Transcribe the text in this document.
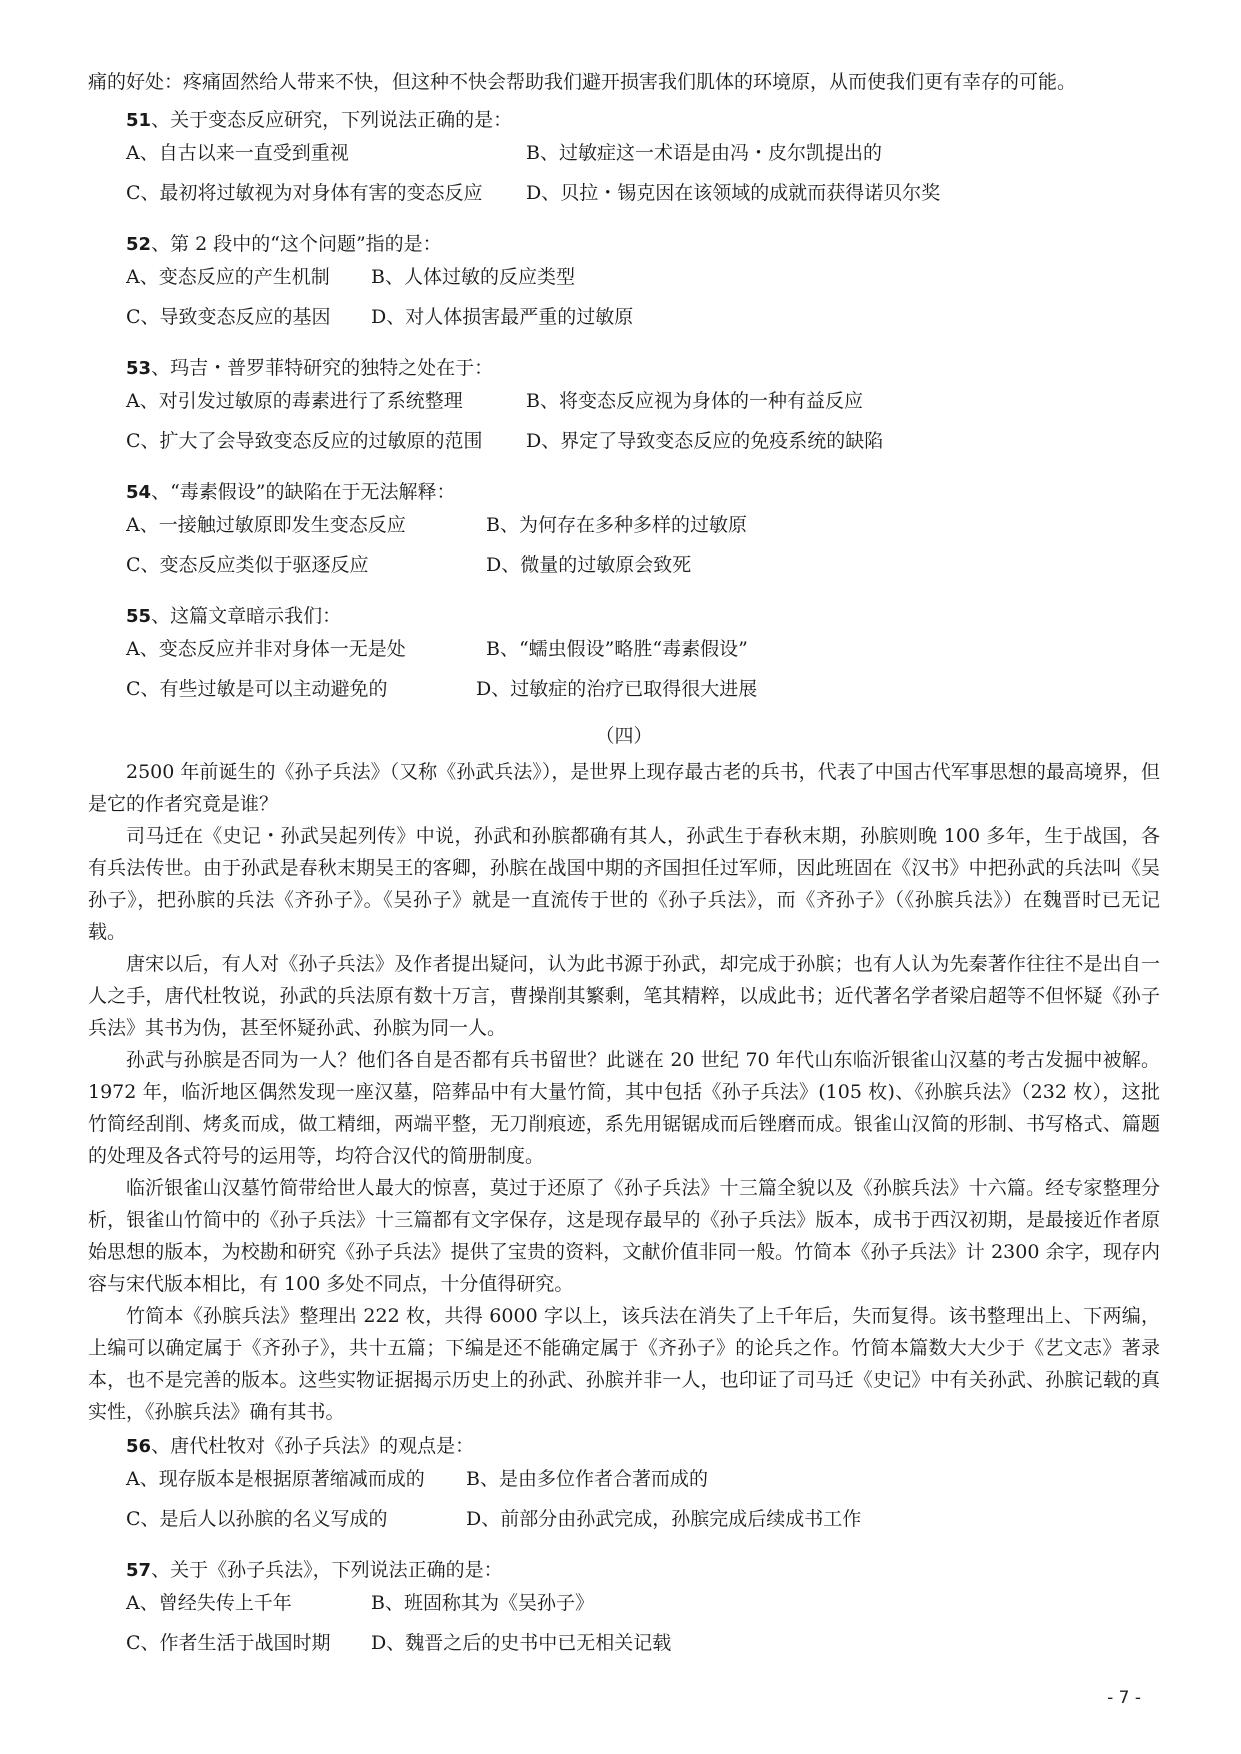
痛的好处：疼痛固然给人带来不快，但这种不快会帮助我们避开损害我们肌体的环境原，从而使我们更有幸存的可能。

51、关于变态反应研究，下列说法正确的是：
A、自古以来一直受到重视	B、过敏症这一术语是由冯・皮尔凯提出的
C、最初将过敏视为对身体有害的变态反应	D、贝拉・锡克因在该领域的成就而获得诺贝尔奖
52、第 2 段中的“这个问题”指的是：
A、变态反应的产生机制	B、人体过敏的反应类型
C、导致变态反应的基因	D、对人体损害最严重的过敏原
53、玛吉・普罗菲特研究的独特之处在于：
A、对引发过敏原的毒素进行了系统整理	B、将变态反应视为身体的一种有益反应
C、扩大了会导致变态反应的过敏原的范围	D、界定了导致变态反应的免疫系统的缺陷
54、“毒素假设”的缺陷在于无法解释：
A、一接触过敏原即发生变态反应	B、为何存在多种多样的过敏原
C、变态反应类似于驱逐反应	D、微量的过敏原会致死
55、这篇文章暗示我们：
A、变态反应并非对身体一无是处	B、“蠕虫假设”略胜“毒素假设”
C、有些过敏是可以主动避免的	D、过敏症的治疗已取得很大进展
（四）

2500 年前诞生的《孙子兵法》（又称《孙武兵法》），是世界上现存最古老的兵书，代表了中国古代军事思想的最高境界，但是它的作者究竟是谁？

司马迁在《史记・孙武吴起列传》中说，孙武和孙膑都确有其人，孙武生于春秋末期，孙膑则晚 100 多年，生于战国，各有兵法传世。由于孙武是春秋末期吴王的客卿，孙膑在战国中期的齐国担任过军师，因此班固在《汉书》中把孙武的兵法叫《吴孙子》，把孙膑的兵法《齐孙子》。《吴孙子》就是一直流传于世的《孙子兵法》，而《齐孙子》（《孙膑兵法》）在魏晋时已无记载。

唐宋以后，有人对《孙子兵法》及作者提出疑问，认为此书源于孙武，却完成于孙膑；也有人认为先秦著作往往不是出自一人之手，唐代杜牧说，孙武的兵法原有数十万言，曹操削其繁剩，笔其精粹，以成此书；近代著名学者梁启超等不但怀疑《孙子兵法》其书为伪，甚至怀疑孙武、孙膑为同一人。

孙武与孙膑是否同为一人？他们各自是否都有兵书留世？此谜在 20 世纪 70 年代山东临沂银雀山汉墓的考古发掘中被解。1972 年，临沂地区偶然发现一座汉墓，陪葬品中有大量竹简，其中包括《孙子兵法》(105 枚)、《孙膑兵法》（232 枚），这批竹简经刮削、烤炙而成，做工精细，两端平整，无刀削痕迹，系先用锯锯成而后锉磨而成。银雀山汉简的形制、书写格式、篇题的处理及各式符号的运用等，均符合汉代的简册制度。

临沂银雀山汉墓竹简带给世人最大的惊喜，莫过于还原了《孙子兵法》十三篇全貌以及《孙膑兵法》十六篇。经专家整理分析，银雀山竹简中的《孙子兵法》十三篇都有文字保存，这是现存最早的《孙子兵法》版本，成书于西汉初期，是最接近作者原始思想的版本，为校勘和研究《孙子兵法》提供了宝贵的资料，文献价值非同一般。竹简本《孙子兵法》计 2300 余字，现存内容与宋代版本相比，有 100 多处不同点，十分值得研究。

竹简本《孙膑兵法》整理出 222 枚，共得 6000 字以上，该兵法在消失了上千年后，失而复得。该书整理出上、下两编，上编可以确定属于《齐孙子》，共十五篇；下编是还不能确定属于《齐孙子》的论兵之作。竹简本篇数大大少于《艺文志》著录本，也不是完善的版本。这些实物证据揭示历史上的孙武、孙膑并非一人，也印证了司马迁《史记》中有关孙武、孙膑记载的真实性，《孙膑兵法》确有其书。

56、唐代杜牧对《孙子兵法》的观点是：
A、现存版本是根据原著缩减而成的	B、是由多位作者合著而成的
C、是后人以孙膑的名义写成的	D、前部分由孙武完成，孙膑完成后续成书工作
57、关于《孙子兵法》，下列说法正确的是：
A、曾经失传上千年	B、班固称其为《吴孙子》
C、作者生活于战国时期	D、魏晋之后的史书中已无相关记载
- 7 -
